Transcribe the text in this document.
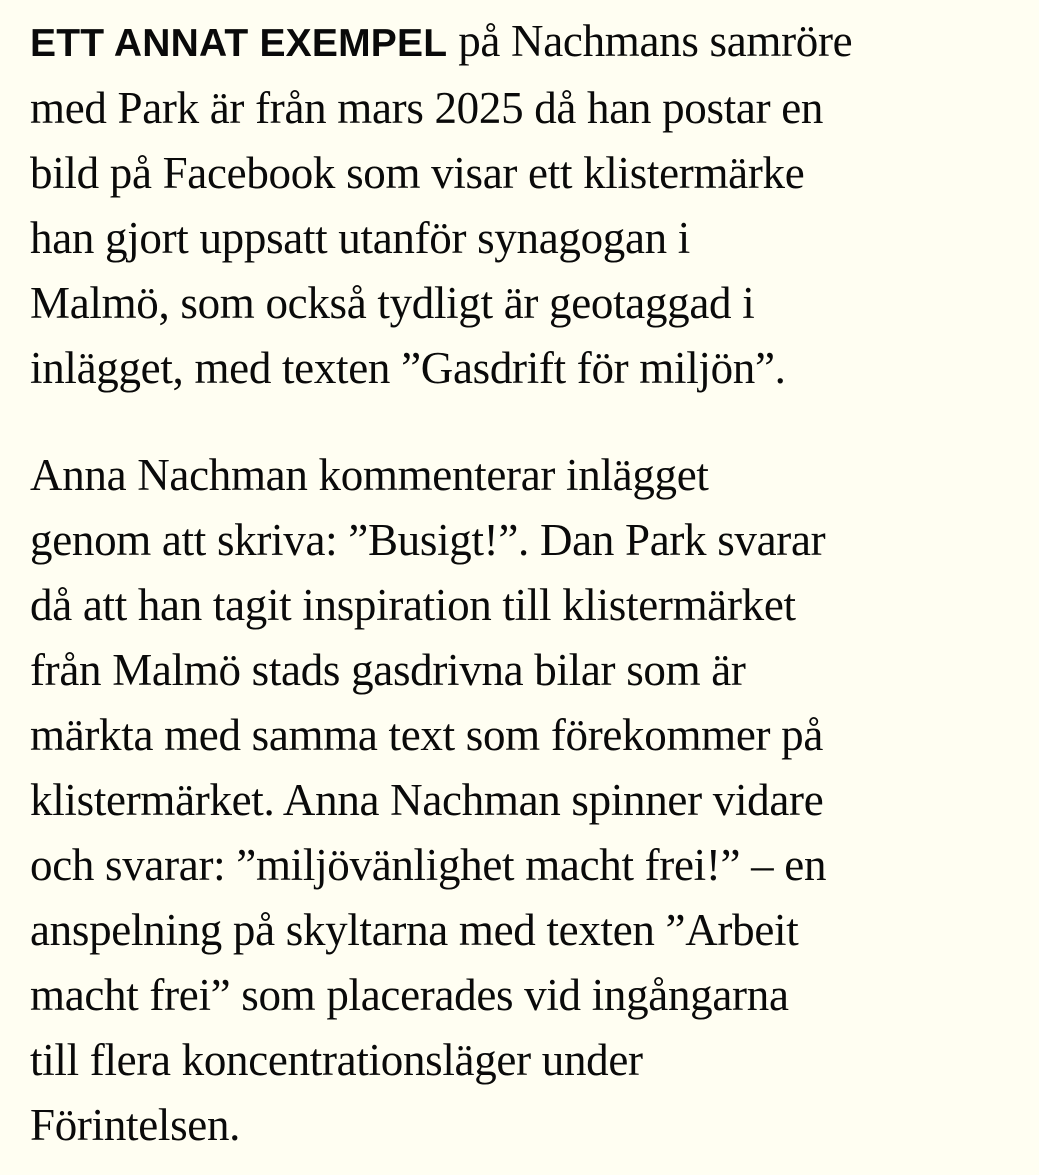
ETT ANNAT EXEMPEL på Nachmans samröre
med Park är från mars 2025 då han postar en
bild på Facebook som visar ett klistermärke
han gjort uppsatt utanför synagogan i
Malmö, som också tydligt är geotaggad i
inlägget, med texten ”Gasdrift för miljön”.
Anna Nachman kommenterar inlägget
genom att skriva: ”Busigt!”. Dan Park svarar
då att han tagit inspiration till klistermärket
från Malmö stads gasdrivna bilar som är
märkta med samma text som förekommer på
klistermärket. Anna Nachman spinner vidare
och svarar: ”miljövänlighet macht frei!” – en
anspelning på skyltarna med texten ”Arbeit
macht frei” som placerades vid ingångarna
till flera koncentrationsläger under
Förintelsen.
